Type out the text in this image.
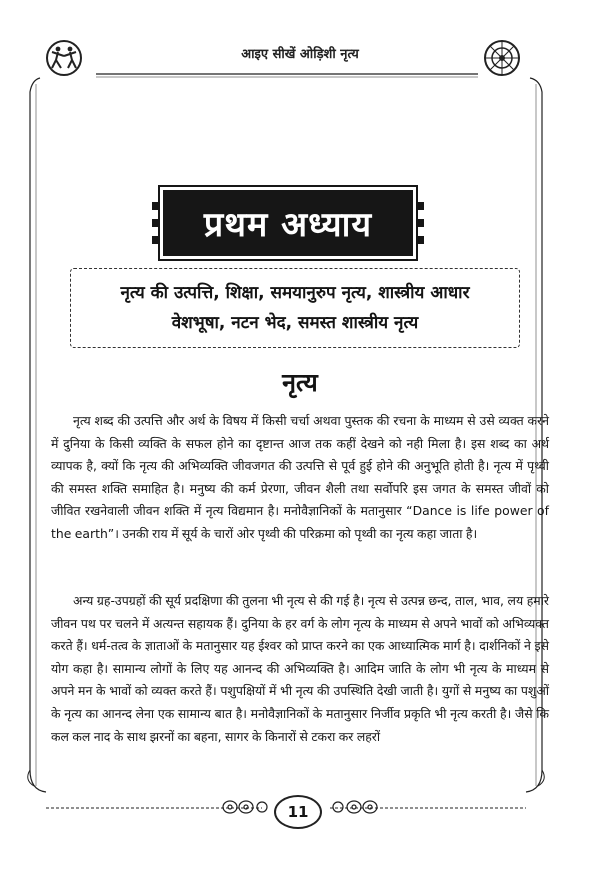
आइए सीखें ओड़िशी नृत्य
प्रथम अध्याय
नृत्य की उत्पत्ति, शिक्षा, समयानुरुप नृत्य, शास्त्रीय आधार
वेशभूषा, नटन भेद, समस्त शास्त्रीय नृत्य
नृत्य

नृत्य शब्द की उत्पत्ति और अर्थ के विषय में किसी चर्चा अथवा पुस्तक की रचना के माध्यम से उसे व्यक्त करने में दुनिया के किसी व्यक्ति के सफल होने का दृष्टान्त आज तक कहीं देखने को नही मिला है। इस शब्द का अर्थ व्यापक है, क्यों कि नृत्य की अभिव्यक्ति जीवजगत की उत्पत्ति से पूर्व हुई होने की अनुभूति होती है। नृत्य में पृथ्वी की समस्त शक्ति समाहित है। मनुष्य की कर्म प्रेरणा, जीवन शैली तथा सर्वोपरि इस जगत के समस्त जीवों को जीवित रखनेवाली जीवन शक्ति में नृत्य विद्यमान है। मनोवैज्ञानिकों के मतानुसार “Dance is life power of the earth”। उनकी राय में सूर्य के चारों ओर पृथ्वी की परिक्रमा को पृथ्वी का नृत्य कहा जाता है।

अन्य ग्रह-उपग्रहों की सूर्य प्रदक्षिणा की तुलना भी नृत्य से की गई है। नृत्य से उत्पन्न छन्द, ताल, भाव, लय हमारे जीवन पथ पर चलने में अत्यन्त सहायक हैं। दुनिया के हर वर्ग के लोग नृत्य के माध्यम से अपने भावों को अभिव्यक्त करते हैं। धर्म-तत्व के ज्ञाताओं के मतानुसार यह ईश्वर को प्राप्त करने का एक आध्यात्मिक मार्ग है। दार्शनिकों ने इसे योग कहा है। सामान्य लोगों के लिए यह आनन्द की अभिव्यक्ति है। आदिम जाति के लोग भी नृत्य के माध्यम से अपने मन के भावों को व्यक्त करते हैं। पशुपक्षियों में भी नृत्य की उपस्थिति देखी जाती है। युगों से मनुष्य का पशुओं के नृत्य का आनन्द लेना एक सामान्य बात है। मनोवैज्ञानिकों के मतानुसार निर्जीव प्रकृति भी नृत्य करती है। जैसे कि कल कल नाद के साथ झरनों का बहना, सागर के किनारों से टकरा कर लहरों

11
